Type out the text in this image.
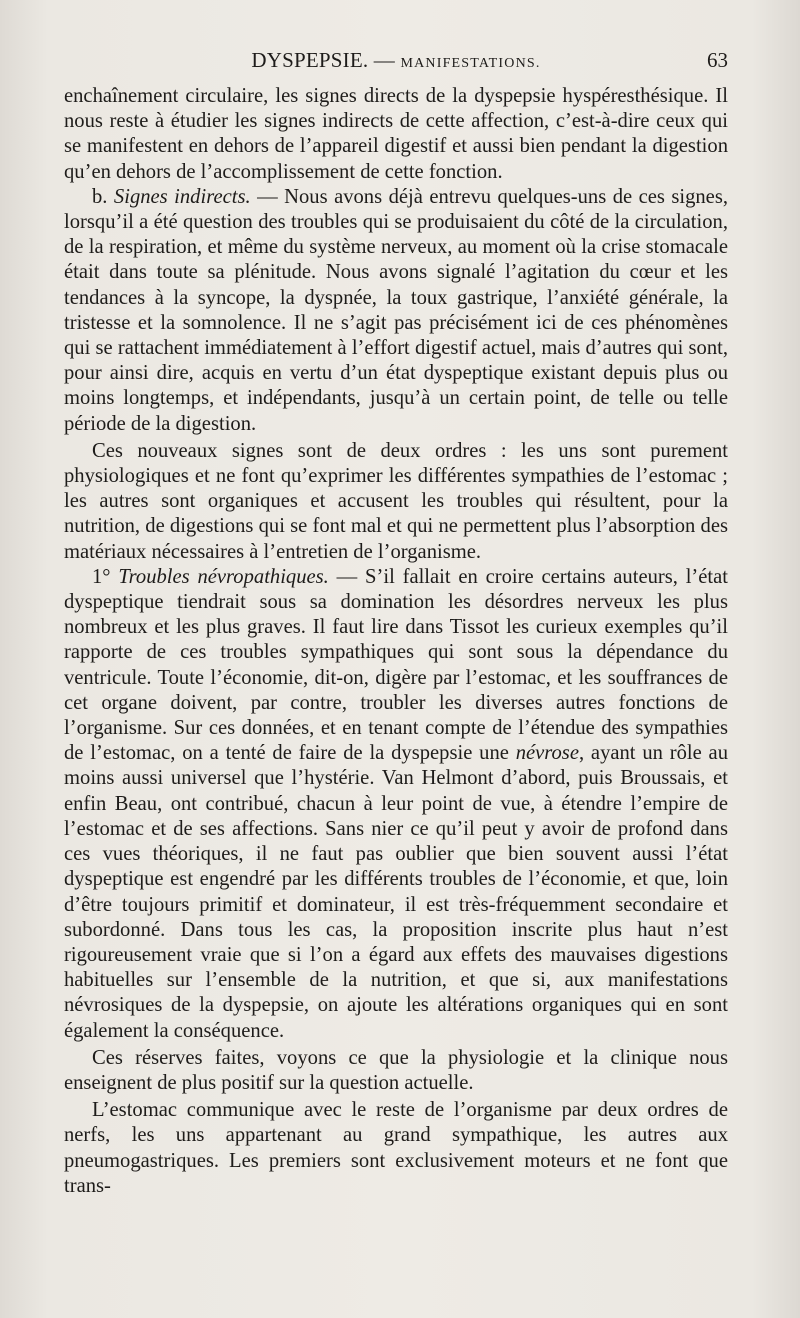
DYSPEPSIE. — MANIFESTATIONS.	63

enchaînement circulaire, les signes directs de la dyspepsie hyspéresthésique. Il nous reste à étudier les signes indirects de cette affection, c’est-à-dire ceux qui se manifestent en dehors de l’appareil digestif et aussi bien pendant la digestion qu’en dehors de l’accomplissement de cette fonction.

b. Signes indirects. — Nous avons déjà entrevu quelques-uns de ces signes, lorsqu’il a été question des troubles qui se produisaient du côté de la circulation, de la respiration, et même du système nerveux, au moment où la crise stomacale était dans toute sa plénitude. Nous avons signalé l’agitation du cœur et les tendances à la syncope, la dyspnée, la toux gastrique, l’anxiété générale, la tristesse et la somnolence. Il ne s’agit pas précisément ici de ces phénomènes qui se rattachent immédiatement à l’effort digestif actuel, mais d’autres qui sont, pour ainsi dire, acquis en vertu d’un état dyspeptique existant depuis plus ou moins longtemps, et indépendants, jusqu’à un certain point, de telle ou telle période de la digestion.

Ces nouveaux signes sont de deux ordres : les uns sont purement physiologiques et ne font qu’exprimer les différentes sympathies de l’estomac ; les autres sont organiques et accusent les troubles qui résultent, pour la nutrition, de digestions qui se font mal et qui ne permettent plus l’absorption des matériaux nécessaires à l’entretien de l’organisme.

1° Troubles névropathiques. — S’il fallait en croire certains auteurs, l’état dyspeptique tiendrait sous sa domination les désordres nerveux les plus nombreux et les plus graves. Il faut lire dans Tissot les curieux exemples qu’il rapporte de ces troubles sympathiques qui sont sous la dépendance du ventricule. Toute l’économie, dit-on, digère par l’estomac, et les souffrances de cet organe doivent, par contre, troubler les diverses autres fonctions de l’organisme. Sur ces données, et en tenant compte de l’étendue des sympathies de l’estomac, on a tenté de faire de la dyspepsie une névrose, ayant un rôle au moins aussi universel que l’hystérie. Van Helmont d’abord, puis Broussais, et enfin Beau, ont contribué, chacun à leur point de vue, à étendre l’empire de l’estomac et de ses affections. Sans nier ce qu’il peut y avoir de profond dans ces vues théoriques, il ne faut pas oublier que bien souvent aussi l’état dyspeptique est engendré par les différents troubles de l’économie, et que, loin d’être toujours primitif et dominateur, il est très-fréquemment secondaire et subordonné. Dans tous les cas, la proposition inscrite plus haut n’est rigoureusement vraie que si l’on a égard aux effets des mauvaises digestions habituelles sur l’ensemble de la nutrition, et que si, aux manifestations névrosiques de la dyspepsie, on ajoute les altérations organiques qui en sont également la conséquence.

Ces réserves faites, voyons ce que la physiologie et la clinique nous enseignent de plus positif sur la question actuelle.

L’estomac communique avec le reste de l’organisme par deux ordres de nerfs, les uns appartenant au grand sympathique, les autres aux pneumogastriques. Les premiers sont exclusivement moteurs et ne font que trans-
